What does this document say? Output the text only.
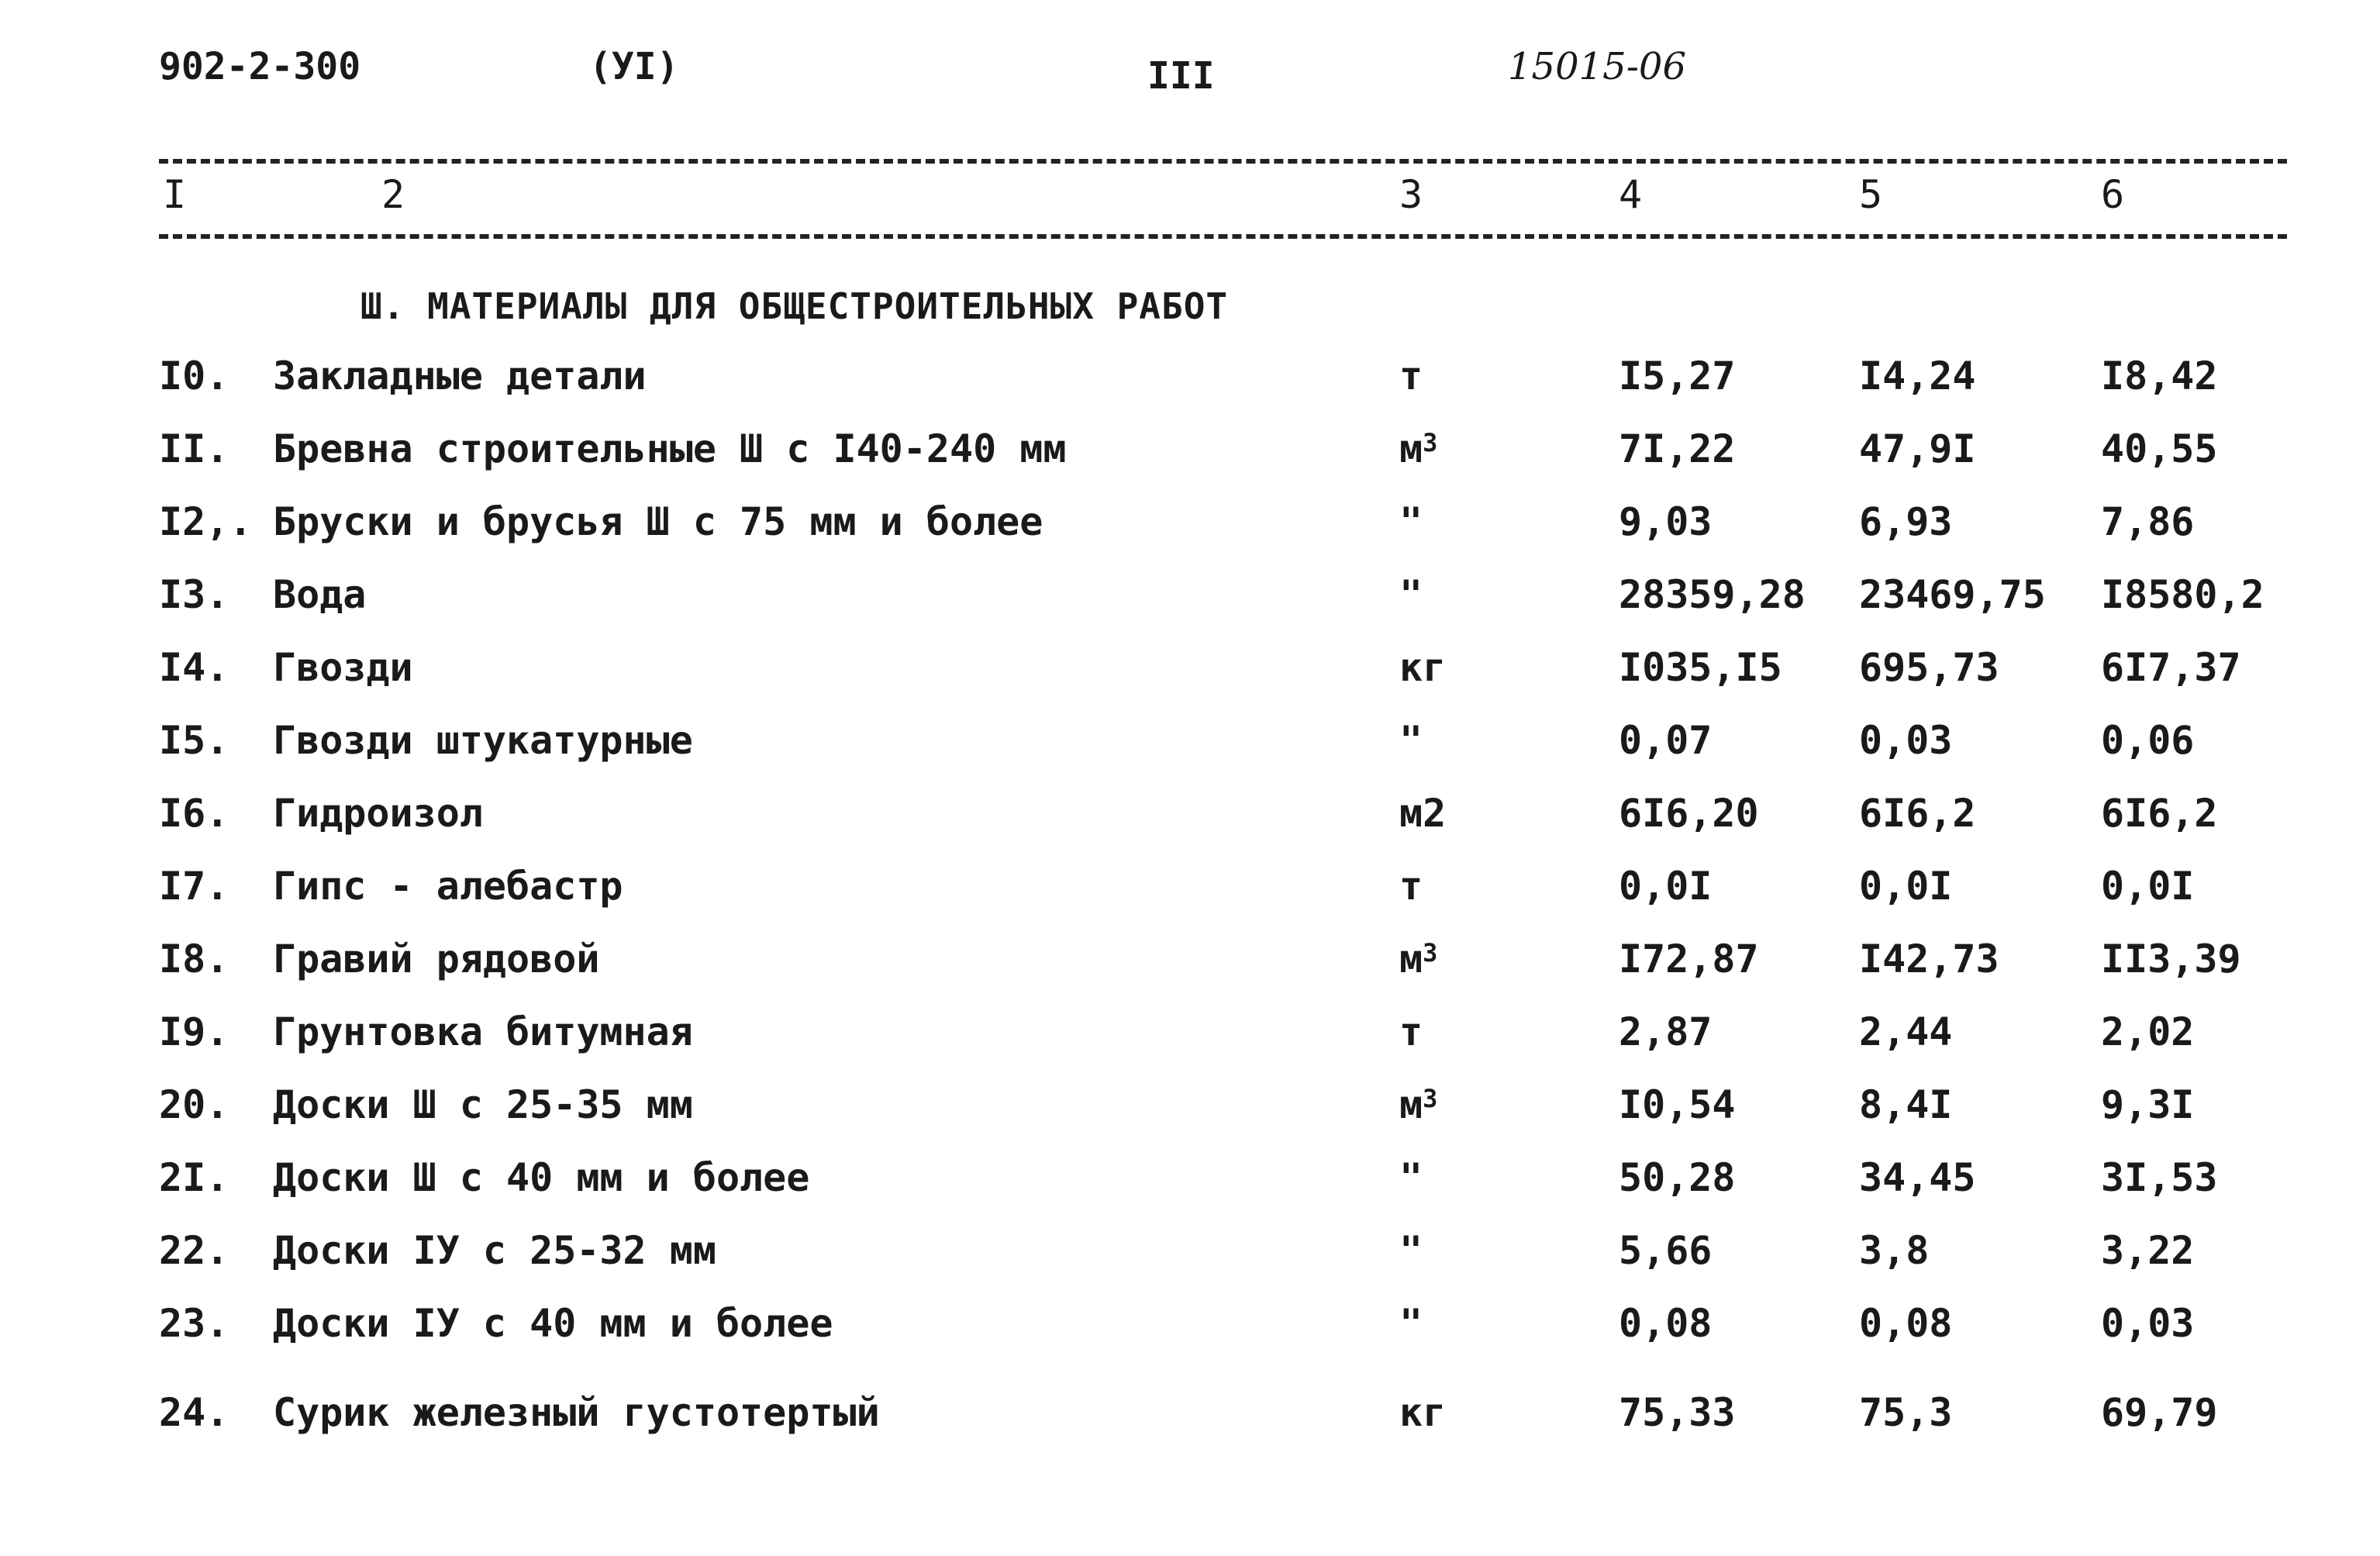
902-2-300	(УI)	III	15015-06
I	2	3	4	5	6
Ш. МАТЕРИАЛЫ ДЛЯ ОБЩЕСТРОИТЕЛЬНЫХ РАБОТ
I0. Закладные детали	т	I5,27	I4,24	I8,42
II. Бревна строительные Ш с I40-240 мм	$м^3$	7I,22	47,9I	40,55
I2,. Бруски и брусья Ш с 75 мм и более	"	9,03	6,93	7,86
I3. Вода	"	28359,28 23469,75 I8580,2
I4. Гвозди	кг	I035,I5 695,73	6I7,37
I5. Гвозди штукатурные	"	0,07	0,03	0,06
I6. Гидроизол	м2	6I6,20	6I6,2	6I6,2
I7. Гипс - алебастр	т	0,0I	0,0I	0,0I
I8. Гравий рядовой	$м^3$	I72,87	I42,73	II3,39
I9. Грунтовка битумная	т	2,87	2,44	2,02
20. Доски Ш с 25-35 мм	$м^3$	I0,54	8,4I	9,3I
2I. Доски Ш с 40 мм и более	"	50,28	34,45	3I,53
22. Доски IУ с 25-32 мм	"	5,66	3,8	3,22
23. Доски IУ с 40 мм и более	"	0,08	0,08	0,03
24. Сурик железный густотертый	кг	75,33	75,3	69,79
